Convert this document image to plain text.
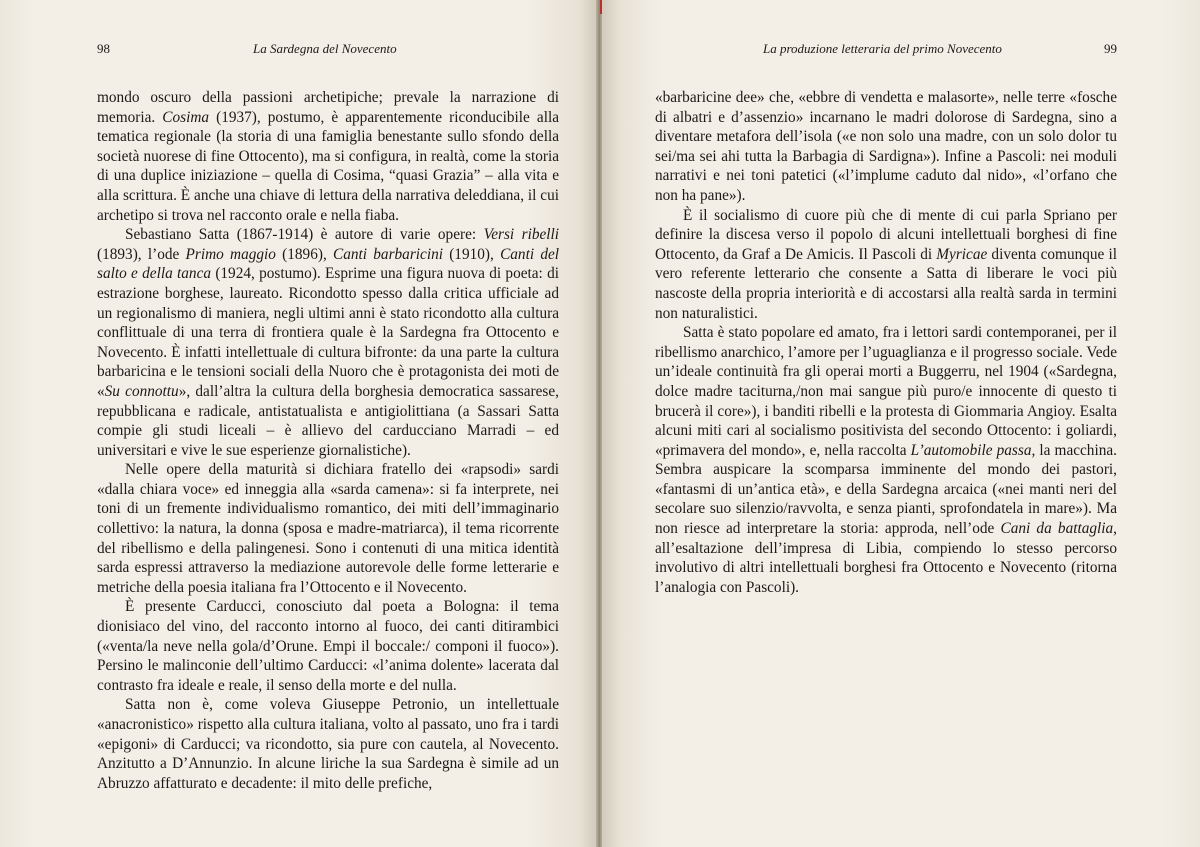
98	La Sardegna del Novecento

mondo oscuro della passioni archetipiche; prevale la narrazione di memoria. Cosima (1937), postumo, è apparentemente riconducibile alla tematica regionale (la storia di una famiglia benestante sullo sfondo della società nuorese di fine Ottocento), ma si configura, in realtà, come la storia di una duplice iniziazione – quella di Cosima, “quasi Grazia” – alla vita e alla scrittura. È anche una chiave di lettura della narrativa deleddiana, il cui archetipo si trova nel racconto orale e nella fiaba.

Sebastiano Satta (1867-1914) è autore di varie opere: Versi ribelli (1893), l’ode Primo maggio (1896), Canti barbaricini (1910), Canti del salto e della tanca (1924, postumo). Esprime una figura nuova di poeta: di estrazione borghese, laureato. Ricondotto spesso dalla critica ufficiale ad un regionalismo di maniera, negli ultimi anni è stato ricondotto alla cultura conflittuale di una terra di frontiera quale è la Sardegna fra Ottocento e Novecento. È infatti intellettuale di cultura bifronte: da una parte la cultura barbaricina e le tensioni sociali della Nuoro che è protagonista dei moti de «Su connottu», dall’altra la cultura della borghesia democratica sassarese, repubblicana e radicale, antistatualista e antigiolittiana (a Sassari Satta compie gli studi liceali – è allievo del carducciano Marradi – ed universitari e vive le sue esperienze giornalistiche).

Nelle opere della maturità si dichiara fratello dei «rapsodi» sardi «dalla chiara voce» ed inneggia alla «sarda camena»: si fa interprete, nei toni di un fremente individualismo romantico, dei miti dell’immaginario collettivo: la natura, la donna (sposa e madre-matriarca), il tema ricorrente del ribellismo e della palingenesi. Sono i contenuti di una mitica identità sarda espressi attraverso la mediazione autorevole delle forme letterarie e metriche della poesia italiana fra l’Ottocento e il Novecento.

È presente Carducci, conosciuto dal poeta a Bologna: il tema dionisiaco del vino, del racconto intorno al fuoco, dei canti ditirambici («venta/la neve nella gola/d’Orune. Empi il boccale:/ componi il fuoco»). Persino le malinconie dell’ultimo Carducci: «l’anima dolente» lacerata dal contrasto fra ideale e reale, il senso della morte e del nulla.

Satta non è, come voleva Giuseppe Petronio, un intellettuale «anacronistico» rispetto alla cultura italiana, volto al passato, uno fra i tardi «epigoni» di Carducci; va ricondotto, sia pure con cautela, al Novecento. Anzitutto a D’Annunzio. In alcune liriche la sua Sardegna è simile ad un Abruzzo affatturato e decadente: il mito delle prefiche,

La produzione letteraria del primo Novecento	99

«barbaricine dee» che, «ebbre di vendetta e malasorte», nelle terre «fosche di albatri e d’assenzio» incarnano le madri dolorose di Sardegna, sino a diventare metafora dell’isola («e non solo una madre, con un solo dolor tu sei/ma sei ahi tutta la Barbagia di Sardigna»). Infine a Pascoli: nei moduli narrativi e nei toni patetici («l’implume caduto dal nido», «l’orfano che non ha pane»).

È il socialismo di cuore più che di mente di cui parla Spriano per definire la discesa verso il popolo di alcuni intellettuali borghesi di fine Ottocento, da Graf a De Amicis. Il Pascoli di Myricae diventa comunque il vero referente letterario che consente a Satta di liberare le voci più nascoste della propria interiorità e di accostarsi alla realtà sarda in termini non naturalistici.

Satta è stato popolare ed amato, fra i lettori sardi contemporanei, per il ribellismo anarchico, l’amore per l’uguaglianza e il progresso sociale. Vede un’ideale continuità fra gli operai morti a Buggerru, nel 1904 («Sardegna, dolce madre taciturna,/non mai sangue più puro/e innocente di questo ti brucerà il core»), i banditi ribelli e la protesta di Giommaria Angioy. Esalta alcuni miti cari al socialismo positivista del secondo Ottocento: i goliardi, «primavera del mondo», e, nella raccolta L’automobile passa, la macchina. Sembra auspicare la scomparsa imminente del mondo dei pastori, «fantasmi di un’antica età», e della Sardegna arcaica («nei manti neri del secolare suo silenzio/ravvolta, e senza pianti, sprofondatela in mare»). Ma non riesce ad interpretare la storia: approda, nell’ode Cani da battaglia, all’esaltazione dell’impresa di Libia, compiendo lo stesso percorso involutivo di altri intellettuali borghesi fra Ottocento e Novecento (ritorna l’analogia con Pascoli).
